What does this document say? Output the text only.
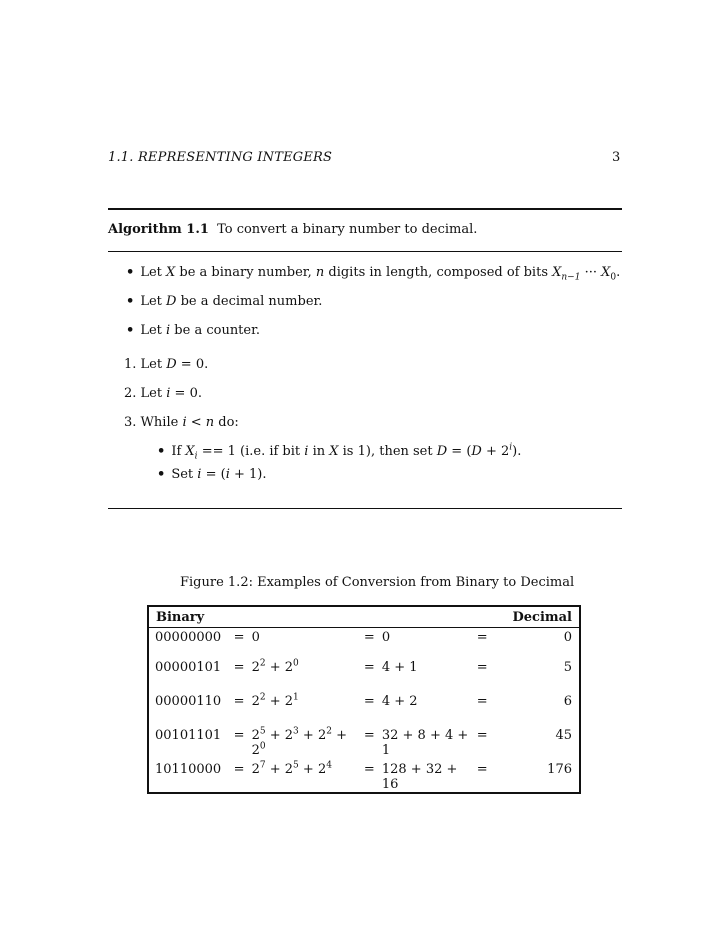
1.1. REPRESENTING INTEGERS	3
Algorithm 1.1 To convert a binary number to decimal.
• Let X be a binary number, n digits in length, composed of bits $X_{n-1}$ ··· $X_0$.
• Let D be a decimal number.
• Let i be a counter.
1. Let D = 0.
2. Let i = 0.
3. While i < n do:
• If $X_i == 1$ (i.e. if bit i in X is 1), then set $D = (D + 2^i)$.
• Set i = (i + 1).
Figure 1.2: Examples of Conversion from Binary to Decimal
Binary						Decimal
00000000	=	0	=	0	=	0
00000101	=	$2^2 + 2^0$	=	4 + 1	=	5
00000110	=	$2^2 + 2^1$	=	4 + 2	=	6
00101101	=	$2^5 + 2^3 + 2^2 + 2^0$	=	32 + 8 + 4 + 1	=	45
10110000	=	$2^7 + 2^5 + 2^4$	=	128 + 32 + 16	=	176
